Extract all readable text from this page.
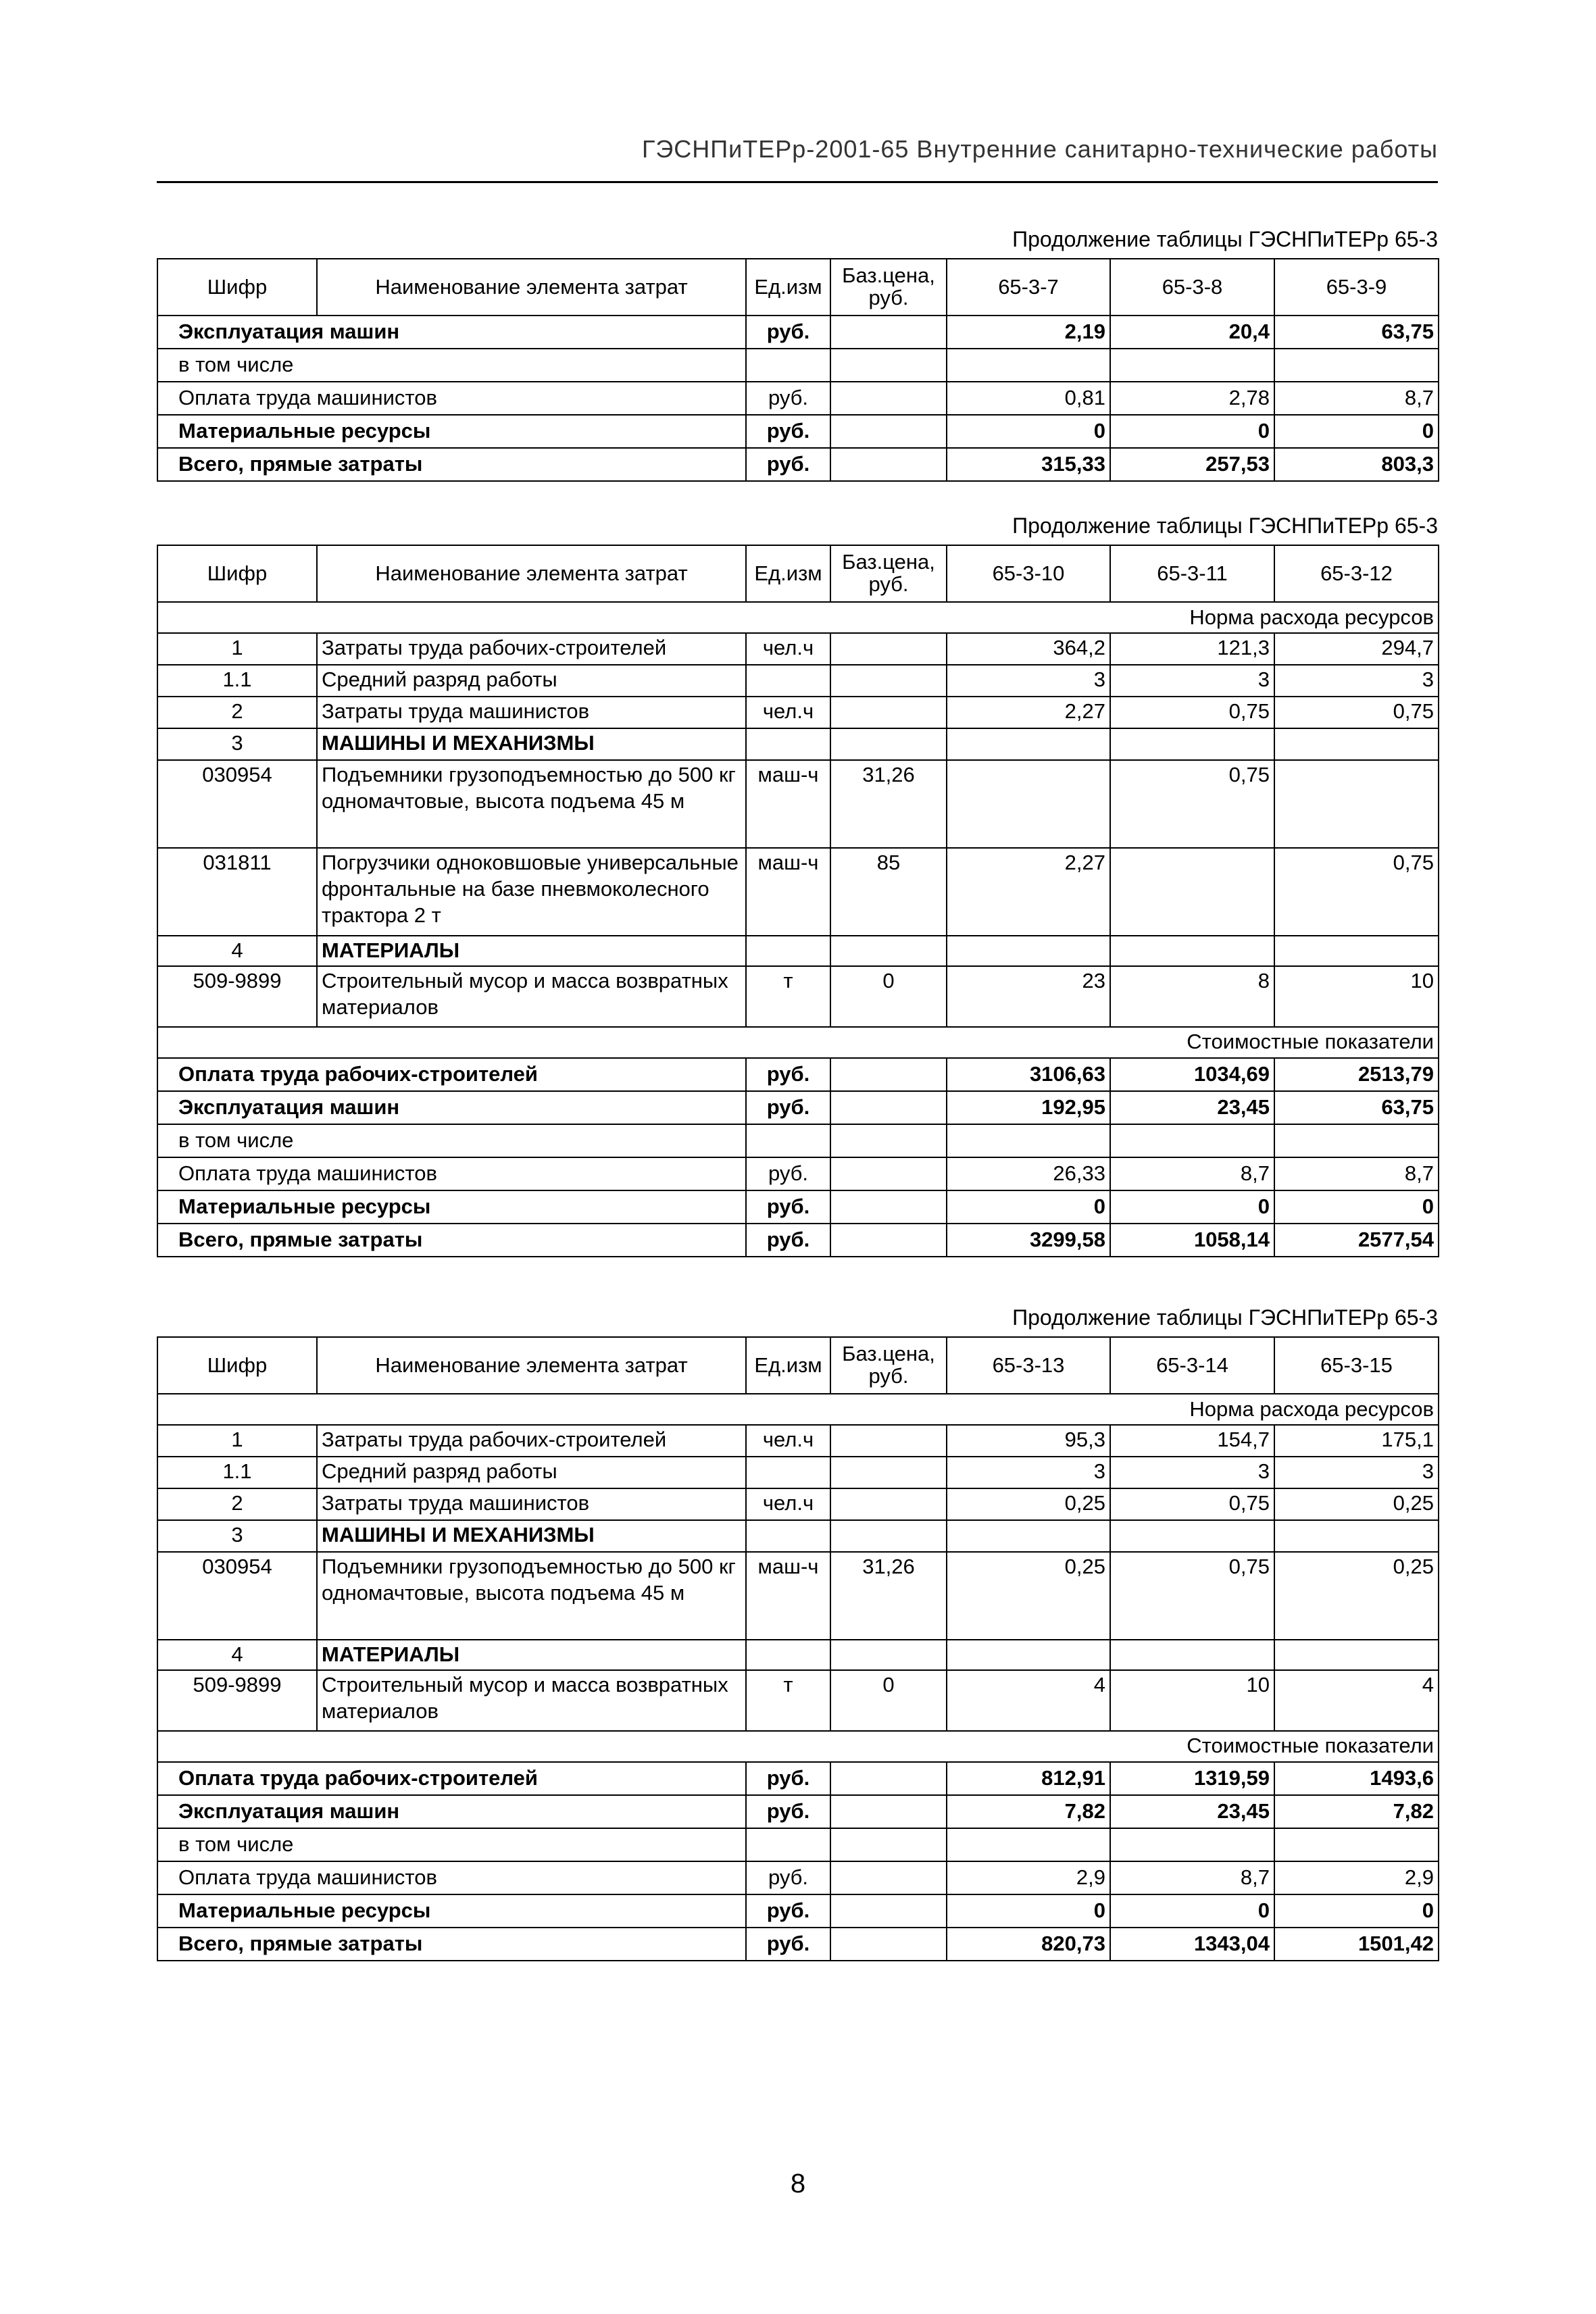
ГЭСНПиТЕРр-2001-65 Внутренние санитарно-технические работы
Продолжение таблицы ГЭСНПиТЕРр 65-3
Шифр	Наименование элемента затрат	Ед.изм	Баз.цена, руб.	65-3-7	65-3-8	65-3-9
Эксплуатация машин		руб.		2,19	20,4	63,75
в том числе						
Оплата труда машинистов		руб.		0,81	2,78	8,7
Материальные ресурсы		руб.		0	0	0
Всего, прямые затраты		руб.		315,33	257,53	803,3
Продолжение таблицы ГЭСНПиТЕРр 65-3
Шифр	Наименование элемента затрат	Ед.изм	Баз.цена, руб.	65-3-10	65-3-11	65-3-12
Норма расхода ресурсов						
1	Затраты труда рабочих-строителей	чел.ч		364,2	121,3	294,7
1.1	Средний разряд работы			3	3	3
2	Затраты труда машинистов	чел.ч		2,27	0,75	0,75
3	МАШИНЫ И МЕХАНИЗМЫ					
030954	Подъемники грузоподъемностью до 500 кг одномачтовые, высота подъема 45 м	маш-ч	31,26		0,75	
031811	Погрузчики одноковшовые универсальные фронтальные на базе пневмоколесного трактора 2 т	маш-ч	85	2,27		0,75
4	МАТЕРИАЛЫ					
509-9899	Строительный мусор и масса возвратных материалов	т	0	23	8	10
Стоимостные показатели						
Оплата труда рабочих-строителей		руб.		3106,63	1034,69	2513,79
Эксплуатация машин		руб.		192,95	23,45	63,75
в том числе						
Оплата труда машинистов		руб.		26,33	8,7	8,7
Материальные ресурсы		руб.		0	0	0
Всего, прямые затраты		руб.		3299,58	1058,14	2577,54
Продолжение таблицы ГЭСНПиТЕРр 65-3
Шифр	Наименование элемента затрат	Ед.изм	Баз.цена, руб.	65-3-13	65-3-14	65-3-15
Норма расхода ресурсов						
1	Затраты труда рабочих-строителей	чел.ч		95,3	154,7	175,1
1.1	Средний разряд работы			3	3	3
2	Затраты труда машинистов	чел.ч		0,25	0,75	0,25
3	МАШИНЫ И МЕХАНИЗМЫ					
030954	Подъемники грузоподъемностью до 500 кг одномачтовые, высота подъема 45 м	маш-ч	31,26	0,25	0,75	0,25
4	МАТЕРИАЛЫ					
509-9899	Строительный мусор и масса возвратных материалов	т	0	4	10	4
Стоимостные показатели						
Оплата труда рабочих-строителей		руб.		812,91	1319,59	1493,6
Эксплуатация машин		руб.		7,82	23,45	7,82
в том числе						
Оплата труда машинистов		руб.		2,9	8,7	2,9
Материальные ресурсы		руб.		0	0	0
Всего, прямые затраты		руб.		820,73	1343,04	1501,42
8
